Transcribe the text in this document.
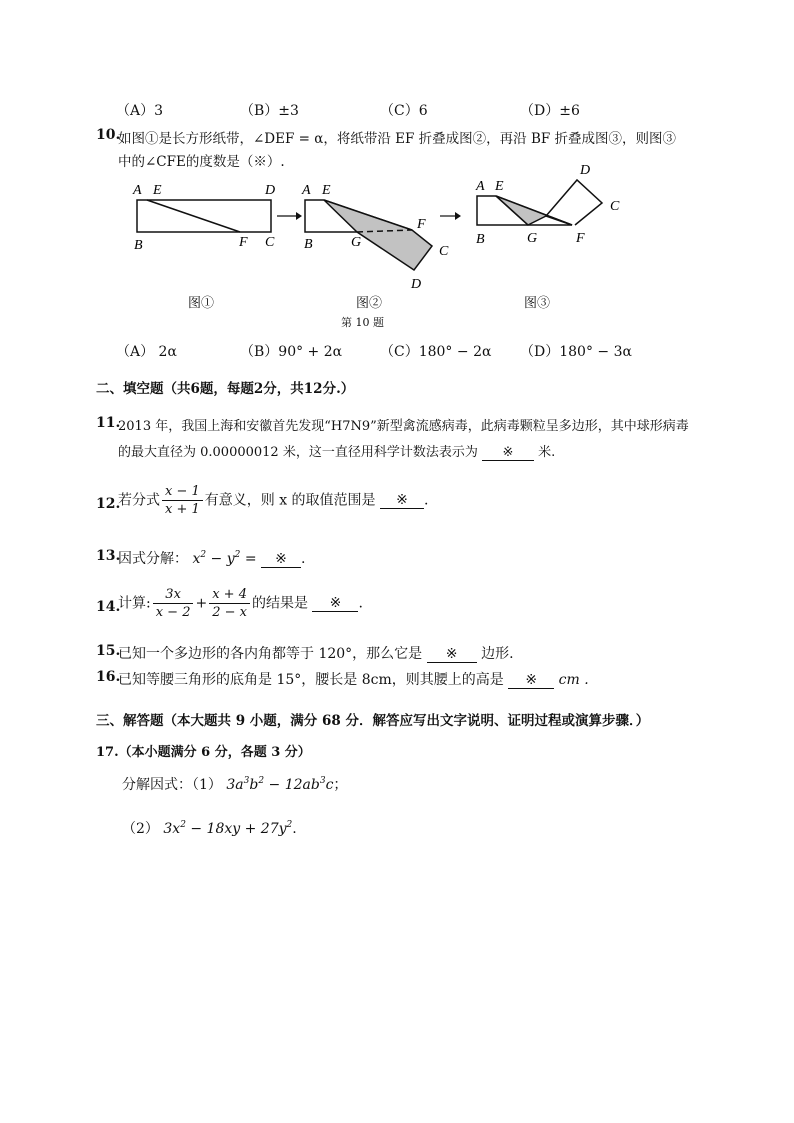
（A）3	（B）±3	（C）6	（D）±6
10.
如图①是长方形纸带，∠DEF = α，将纸带沿 EF 折叠成图②，再沿 BF 折叠成图③，则图③
中的∠CFE的度数是（※）.
A E	D
B	F C
A E
F
B	G
C
D
D
A E
C
B	G	F
图①	图②	图③
第 10 题
（A） 2α	（B）90° + 2α	（C）180° − 2α （D）180° − 3α
二、填空题（共6题，每题2分，共12分.）
11.
2013 年，我国上海和安徽首先发现“H7N9”新型禽流感病毒，此病毒颗粒呈多边形，其中球形病毒
的最大直径为 0.00000012 米，这一直径用科学计数法表示为 ※ 米.
12.
若分式 $\frac{x - 1}{x + 1}$ 有意义，则 x 的取值范围是 ※ .
13.
因式分解： $x^2 - y^2$ = ※ .
14.
计算: $\frac{3x}{x - 2} + \frac{x + 4}{2 - x}$ 的结果是 ※ .
15.
已知一个多边形的各内角都等于 120°，那么它是 ※ 边形.
16.
已知等腰三角形的底角是 15°，腰长是 8cm，则其腰上的高是 ※ cm .
三、解答题（本大题共 9 小题，满分 68 分．解答应写出文字说明、证明过程或演算步骤．）
17.（本小题满分 6 分，各题 3 分）
分解因式：（1） $3a^3b^2 - 12ab^3c$；
（2） $3x^2 - 18xy + 27y^2$.
